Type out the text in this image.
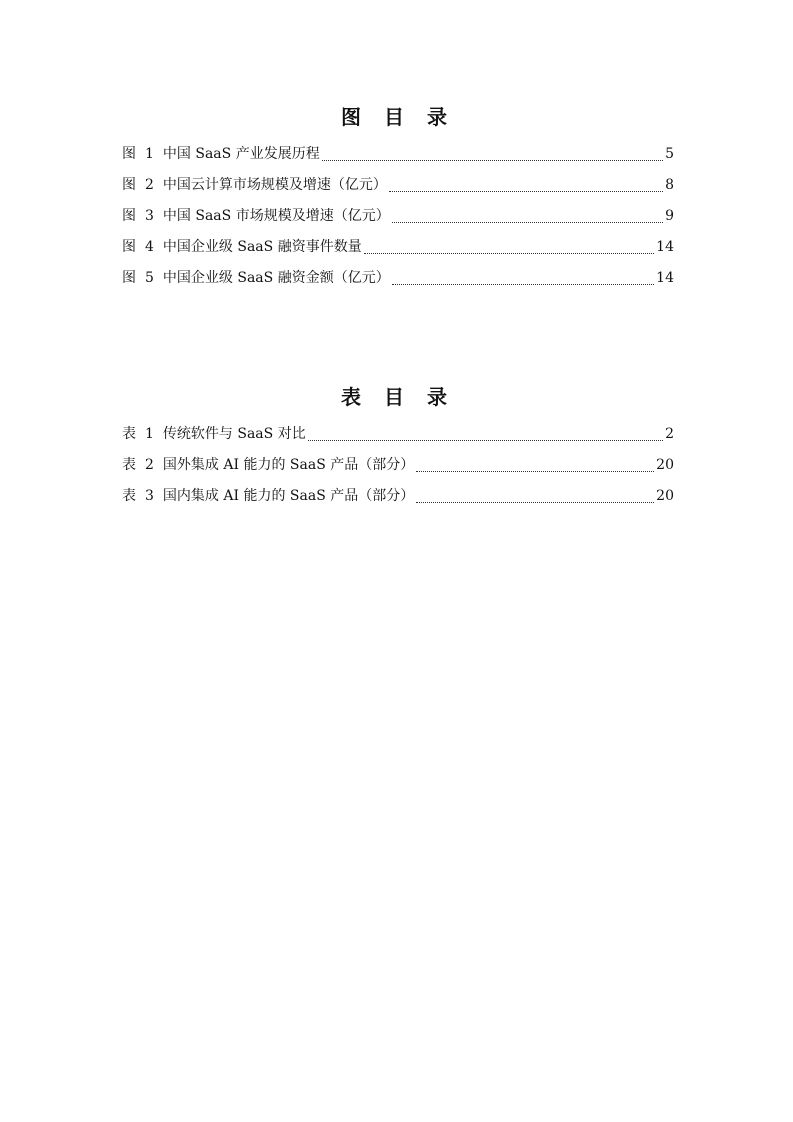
图 目 录
图 1 中国 SaaS 产业发展历程	5
图 2 中国云计算市场规模及增速（亿元）	8
图 3 中国 SaaS 市场规模及增速（亿元）	9
图 4 中国企业级 SaaS 融资事件数量	14
图 5 中国企业级 SaaS 融资金额（亿元）	14
表 目 录
表 1 传统软件与 SaaS 对比	2
表 2 国外集成 AI 能力的 SaaS 产品（部分）	20
表 3 国内集成 AI 能力的 SaaS 产品（部分）	20
